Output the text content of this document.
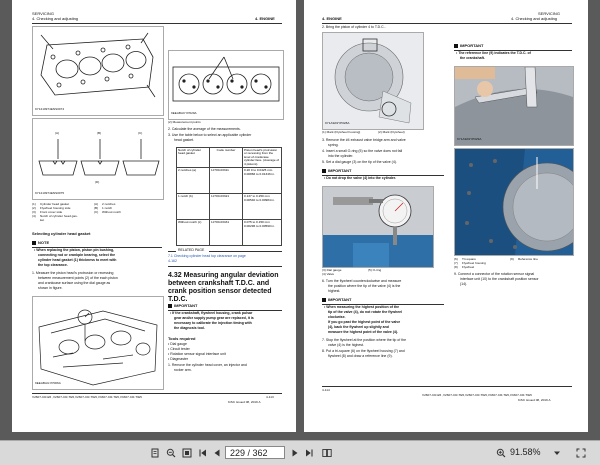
SERVICING
4. Checking and adjusting	4. ENGINE
9Y1210974ENS0074
(A)	(B)	(C)
(D)
9Y1210974ENS0075
(1) Cylinder head gasket
(2) Flywheel housing side
(3) Front cover side
(4) Notch of cylinder head gas-
ket
(A) 2 notches
(B) 1 notch
(C) Without notch
Selecting cylinder head gasket
NOTE
• When replacing the piston, piston pin bushing,
connecting rod or crankpin bearing, select the
cylinder head gasket (1) thickness to meet with
the top clearance.
1. Measure the piston head's protrusion or recessing
between measurement points (2) of the each piston
and crankcase surface using the dial gauge as
shown in figure.
9EEABAGYP006A
9EEABACYP029A
(2) Measurement points
2. Calculate the average of the measurements.
3. Use the table below to select an applicable cylinder
head gasket.
Notch of cylinder head gasket	Code number	Piston head's protrusion or recessing from the level of crankcase cylinder face. (Average of 4 pistons)
2 notches (a)	1J700-03311	0.20 0 to 0.0425 mm 0.00866 to 0.01346 in.
1 notch (b)	1J700-03321	0.137 to 0.250 mm 0.00540 to 0.00984 in.
Without notch (c)	1J700-03431	0.075 to 0.150 mm 0.00296 to 0.00590 in.
RELATED PAGE
7.1 Checking cylinder head top clearance on page
4-162
4.32 Measuring angular deviation between crankshaft T.D.C. and crank position sensor detected T.D.C.
IMPORTANT
• If the crankshaft, flywheel housing, crank pulsar
gear and/or supply pump gear are replaced, it is
necessary to calibrate the injection timing with
the diagnosis tool.
Tools required
• Dial gauge
• Circuit tester
• Rotation sensor signal interface unit
• Diagmaster
1. Remove the cylinder head cover, an injector and
rocker arm.
V2607-CR-E5 ,V2607-CR-TE5,V2607-CR-TIE5,V3307-CR-TE5,V3307-CR-TIE5	4-113
KiSC issued 08, 2019 A
4. ENGINE
SERVICING
4. Checking and adjusting
2. Bring the piston of cylinder 4 to T.D.C..
9Y1A9A9YP028A
(1) Mark (Flywheel housing)	(2) Mark (Flywheel)
3. Remove the #4 exhaust valve bridge arm and valve
spring.
4. Insert a small O-ring (5) so the valve does not fall
into the cylinder.
5. Set a dial gauge (3) on the tip of the valve (4).
IMPORTANT
• Do not drop the valve (4) into the cylinder.
(3) Dial gauge
(4) Valve
(5) O-ring
6. Turn the flywheel counterclockwise and measure
the position where the tip of the valve (4) is the
highest.
IMPORTANT
• When measuring the highest position of the
tip of the valve (4), do not rotate the flywheel
clockwise.
If you go past the highest point of the valve
(4), back the flywheel up slightly and
measure the highest point of the valve (4).
7. Stop the flywheel at the position where the tip of the
valve (4) is the highest.
8. Put a tri-square (6) on the flywheel housing (7) and
flywheel (8) and draw a reference line (9).
IMPORTANT
• The reference line (9) indicates the T.D.C. of
the crankshaft.
9Y1A9A9YP029A
(6) Tri-square
(7) Flywheel housing
(8) Flywheel
(9) Reference line
9. Connect a connector of the rotation sensor signal
interface unit (10) to the crankshaft position sensor
(14).
4-114
V2607-CR-E5 ,V2607-CR-TE5,V2607-CR-TIE5,V3307-CR-TE5,V3307-CR-TIE5
KiSC issued 08, 2019 A
229 / 362	91.58%
